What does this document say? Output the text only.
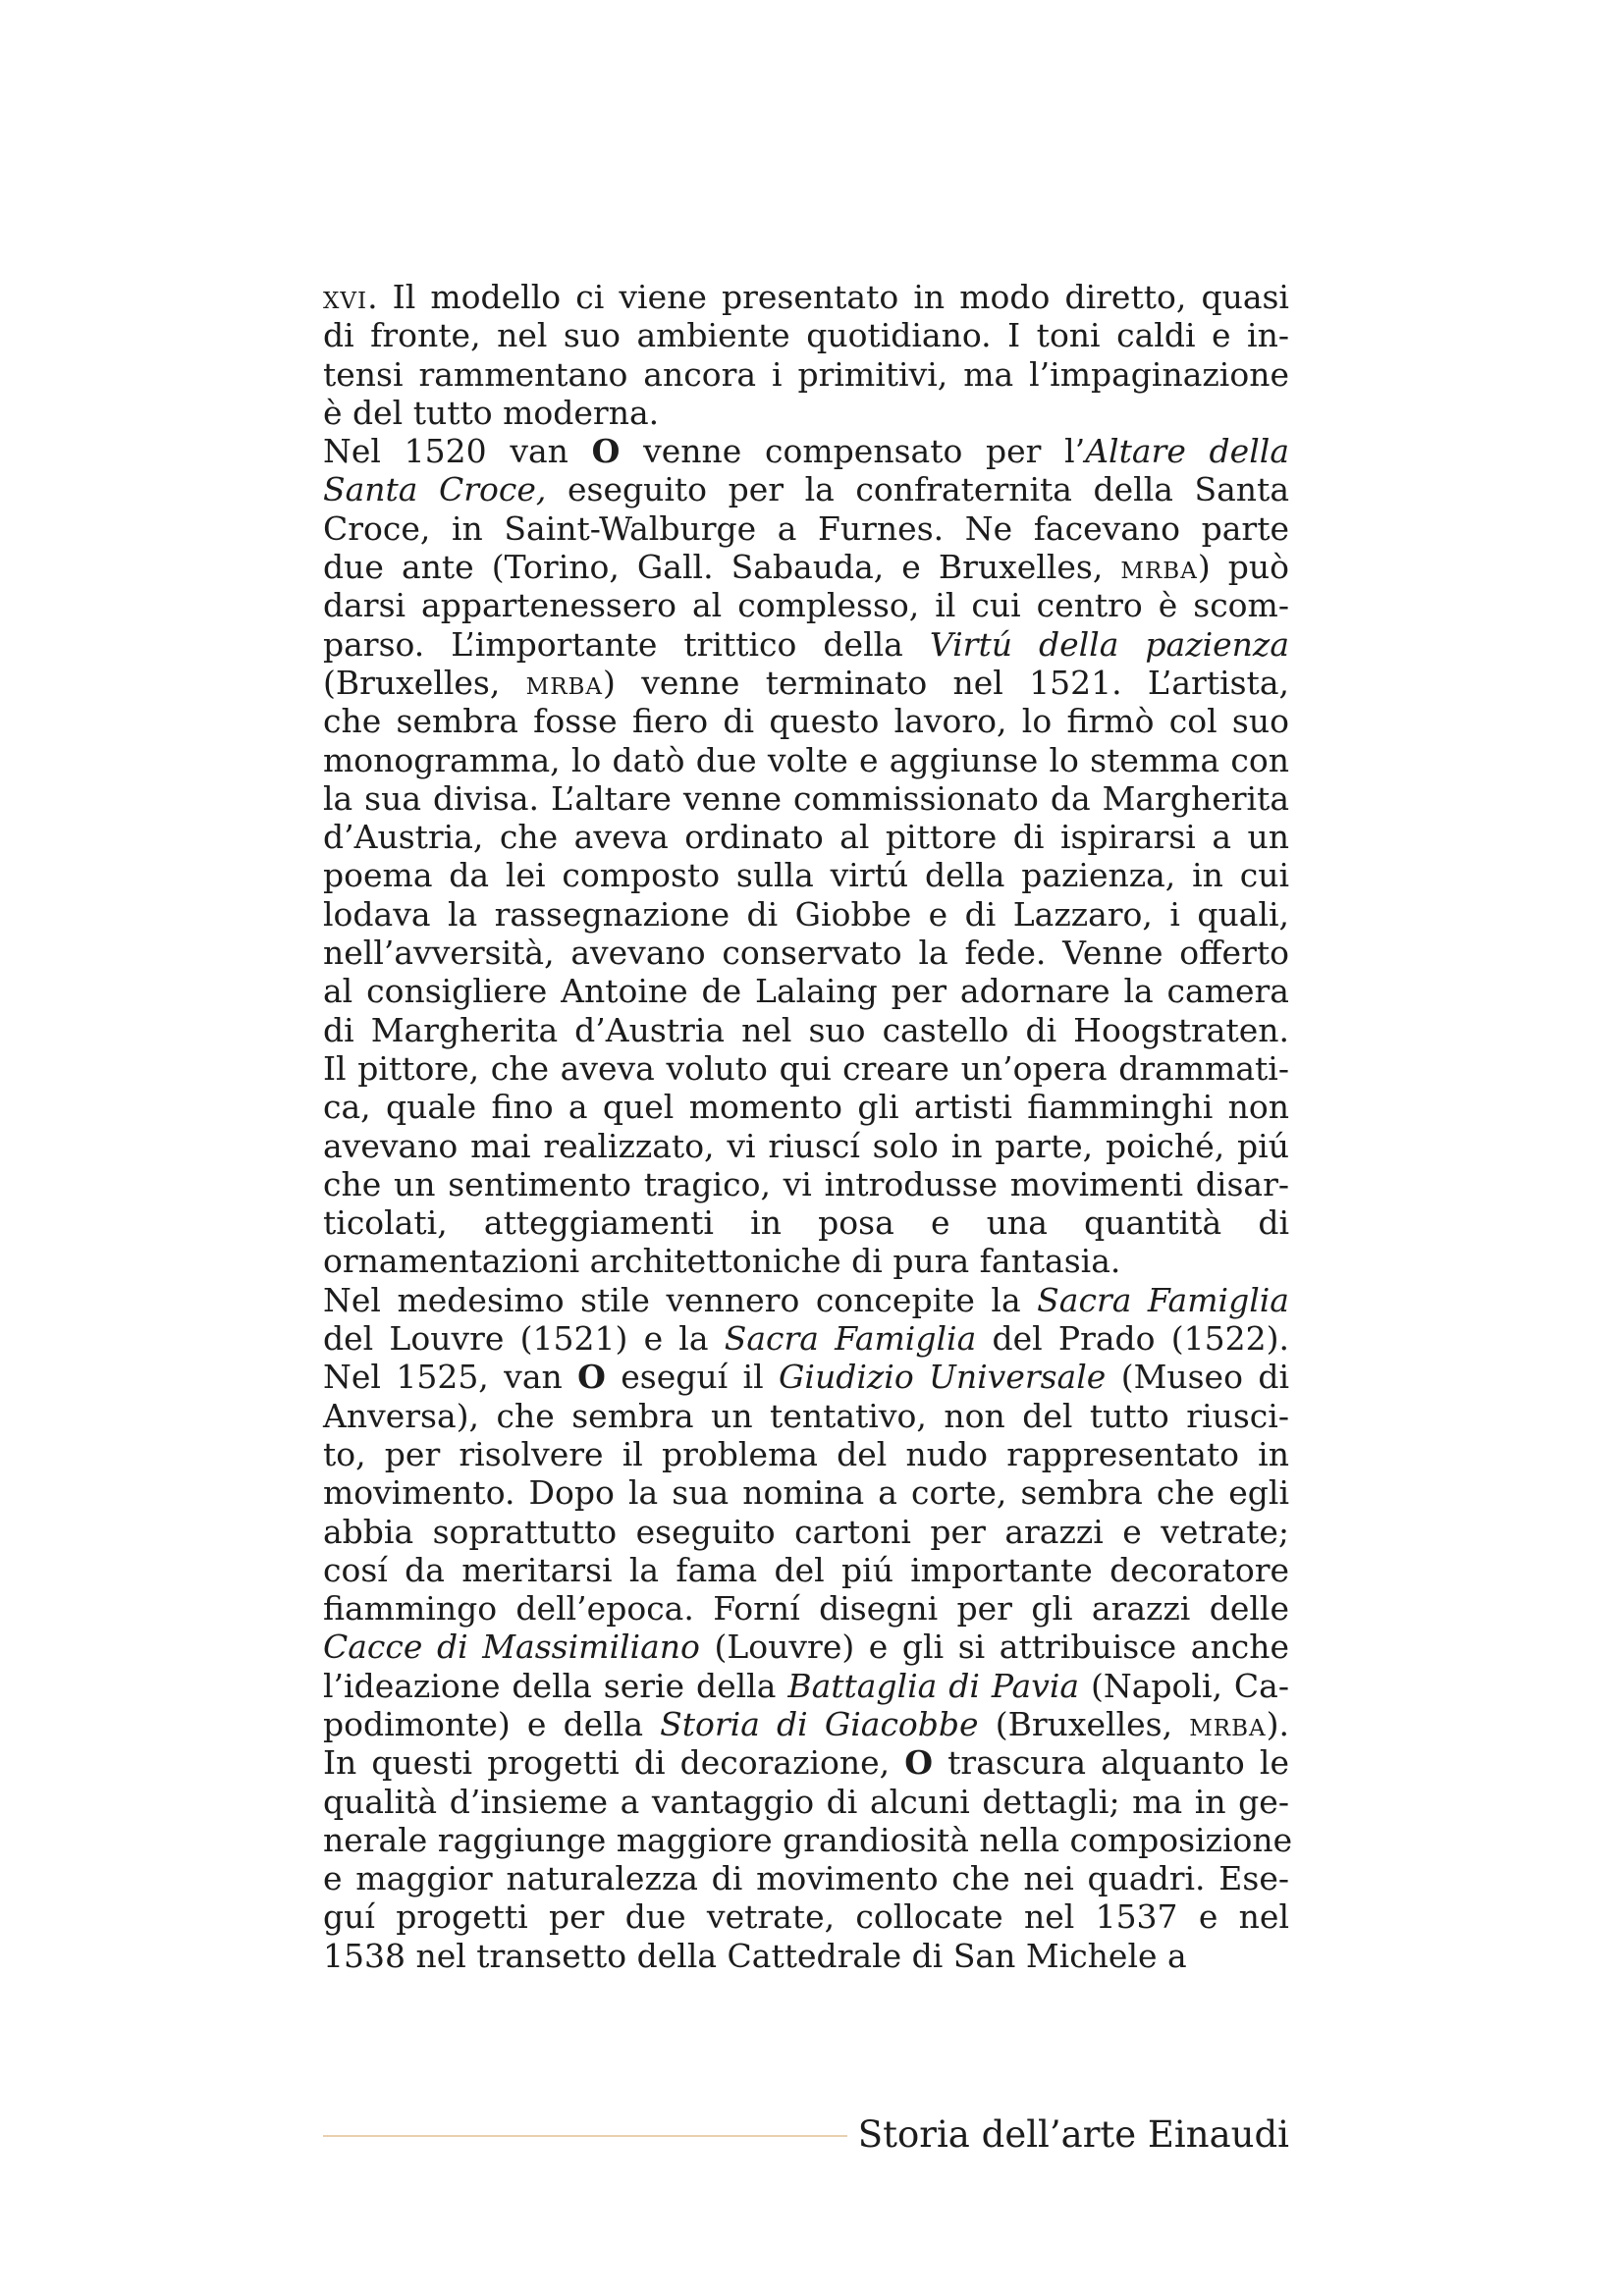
xvi. Il modello ci viene presentato in modo diretto, quasi
di fronte, nel suo ambiente quotidiano. I toni caldi e in-
tensi rammentano ancora i primitivi, ma l’impaginazione
è del tutto moderna.
Nel 1520 van O venne compensato per l’Altare della
Santa Croce, eseguito per la confraternita della Santa
Croce, in Saint-Walburge a Furnes. Ne facevano parte
due ante (Torino, Gall. Sabauda, e Bruxelles, mrba) può
darsi appartenessero al complesso, il cui centro è scom-
parso. L’importante trittico della Virtú della pazienza
(Bruxelles, mrba) venne terminato nel 1521. L’artista,
che sembra fosse fiero di questo lavoro, lo firmò col suo
monogramma, lo datò due volte e aggiunse lo stemma con
la sua divisa. L’altare venne commissionato da Margherita
d’Austria, che aveva ordinato al pittore di ispirarsi a un
poema da lei composto sulla virtú della pazienza, in cui
lodava la rassegnazione di Giobbe e di Lazzaro, i quali,
nell’avversità, avevano conservato la fede. Venne offerto
al consigliere Antoine de Lalaing per adornare la camera
di Margherita d’Austria nel suo castello di Hoogstraten.
Il pittore, che aveva voluto qui creare un’opera drammati-
ca, quale fino a quel momento gli artisti fiamminghi non
avevano mai realizzato, vi riuscí solo in parte, poiché, piú
che un sentimento tragico, vi introdusse movimenti disar-
ticolati, atteggiamenti in posa e una quantità di
ornamentazioni architettoniche di pura fantasia.
Nel medesimo stile vennero concepite la Sacra Famiglia
del Louvre (1521) e la Sacra Famiglia del Prado (1522).
Nel 1525, van O eseguí il Giudizio Universale (Museo di
Anversa), che sembra un tentativo, non del tutto riusci-
to, per risolvere il problema del nudo rappresentato in
movimento. Dopo la sua nomina a corte, sembra che egli
abbia soprattutto eseguito cartoni per arazzi e vetrate;
cosí da meritarsi la fama del piú importante decoratore
fiammingo dell’epoca. Forní disegni per gli arazzi delle
Cacce di Massimiliano (Louvre) e gli si attribuisce anche
l’ideazione della serie della Battaglia di Pavia (Napoli, Ca-
podimonte) e della Storia di Giacobbe (Bruxelles, mrba).
In questi progetti di decorazione, O trascura alquanto le
qualità d’insieme a vantaggio di alcuni dettagli; ma in ge-
nerale raggiunge maggiore grandiosità nella composizione
e maggior naturalezza di movimento che nei quadri. Ese-
guí progetti per due vetrate, collocate nel 1537 e nel
1538 nel transetto della Cattedrale di San Michele a
Storia dell’arte Einaudi
